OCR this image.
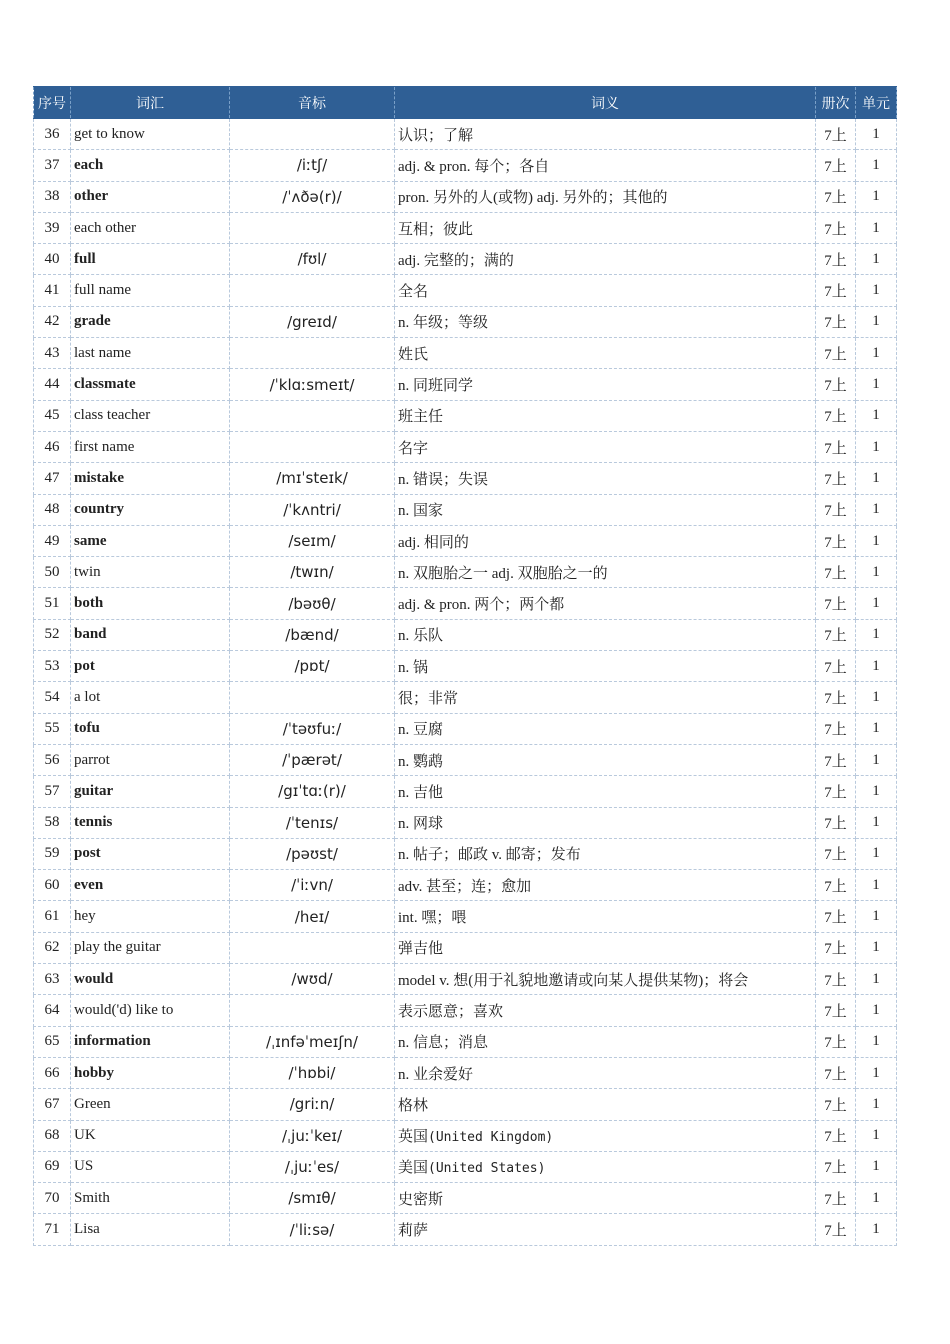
序号	词汇	音标	词义	册次	单元
36	get to know		认识；了解	7上	1
37	each	/iːtʃ/	adj. & pron. 每个；各自	7上	1
38	other	/ˈʌðə(r)/	pron. 另外的人(或物) adj. 另外的；其他的	7上	1
39	each other		互相；彼此	7上	1
40	full	/fʊl/	adj. 完整的；满的	7上	1
41	full name		全名	7上	1
42	grade	/greɪd/	n. 年级；等级	7上	1
43	last name		姓氏	7上	1
44	classmate	/ˈklɑːsmeɪt/	n. 同班同学	7上	1
45	class teacher		班主任	7上	1
46	first name		名字	7上	1
47	mistake	/mɪˈsteɪk/	n. 错误；失误	7上	1
48	country	/ˈkʌntri/	n. 国家	7上	1
49	same	/seɪm/	adj. 相同的	7上	1
50	twin	/twɪn/	n. 双胞胎之一 adj. 双胞胎之一的	7上	1
51	both	/bəʊθ/	adj. & pron. 两个；两个都	7上	1
52	band	/bænd/	n. 乐队	7上	1
53	pot	/pɒt/	n. 锅	7上	1
54	a lot		很；非常	7上	1
55	tofu	/ˈtəʊfuː/	n. 豆腐	7上	1
56	parrot	/ˈpærət/	n. 鹦鹉	7上	1
57	guitar	/gɪˈtɑː(r)/	n. 吉他	7上	1
58	tennis	/ˈtenɪs/	n. 网球	7上	1
59	post	/pəʊst/	n. 帖子；邮政 v. 邮寄；发布	7上	1
60	even	/ˈiːvn/	adv. 甚至；连；愈加	7上	1
61	hey	/heɪ/	int. 嘿；喂	7上	1
62	play the guitar		弹吉他	7上	1
63	would	/wʊd/	model v. 想(用于礼貌地邀请或向某人提供某物)；将会	7上	1
64	would('d) like to		表示愿意；喜欢	7上	1
65	information	/ˌɪnfəˈmeɪʃn/	n. 信息；消息	7上	1
66	hobby	/ˈhɒbi/	n. 业余爱好	7上	1
67	Green	/griːn/	格林	7上	1
68	UK	/ˌjuːˈkeɪ/	英国(United Kingdom)	7上	1
69	US	/ˌjuːˈes/	美国(United States)	7上	1
70	Smith	/smɪθ/	史密斯	7上	1
71	Lisa	/ˈliːsə/	莉萨	7上	1
